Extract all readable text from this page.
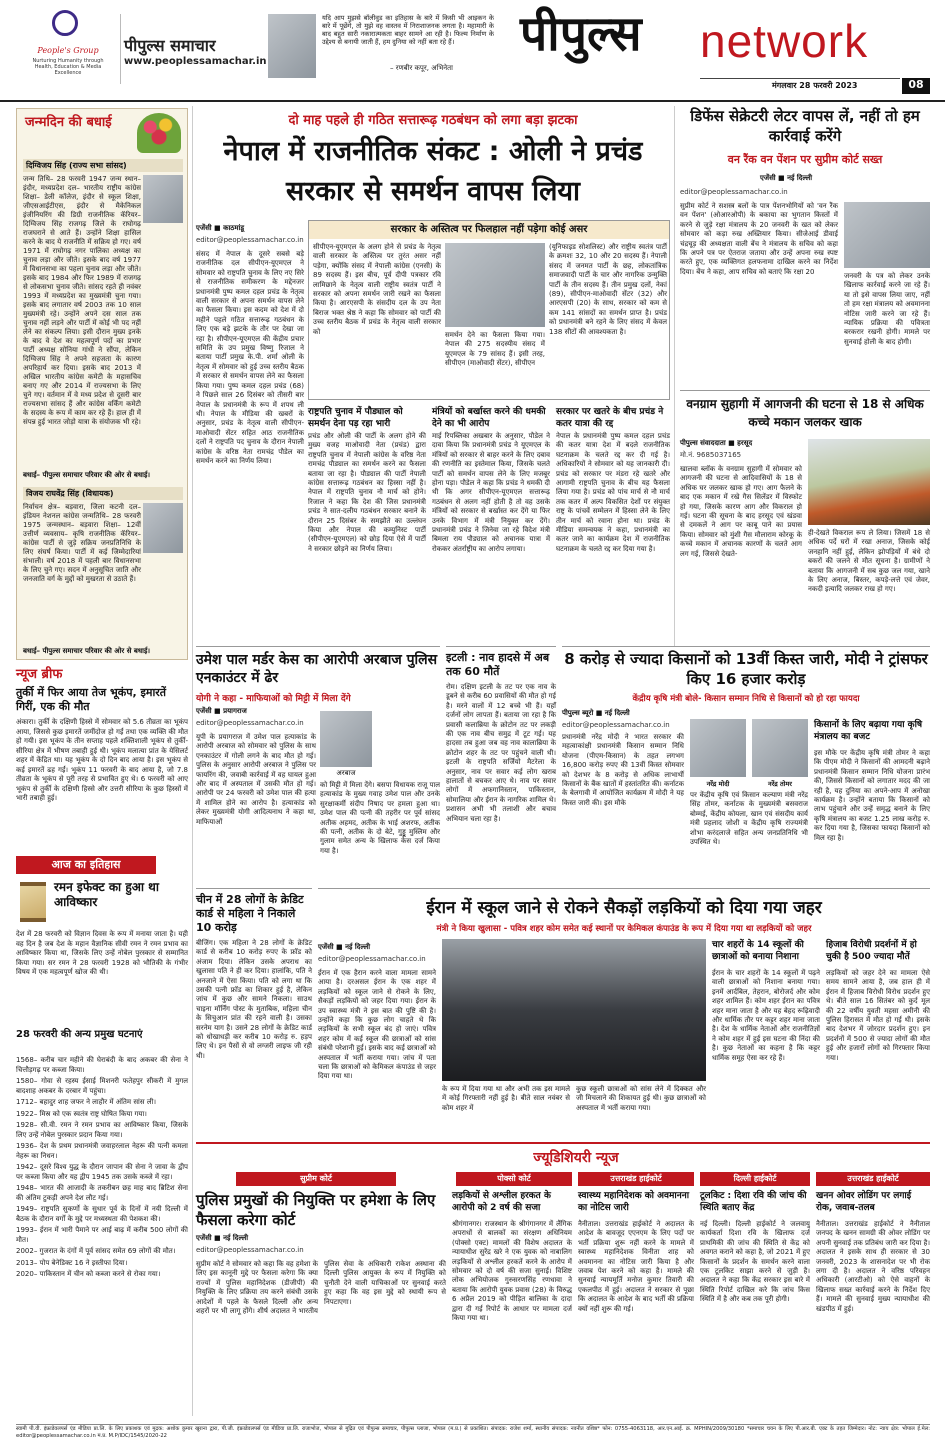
People's Group
Nurturing Humanity through Health, Education & Media Excellence
पीपुल्स समाचार
www.peoplessamachar.in
यदि आप मुझसे बॉलीवुड का इतिहास के बारे में किसी भी आइकन के बारे में पूछेंगे, तो मुझे वह वास्तव में निराशाजनक लगता है। महामारी के बाद बहुत सारी नकारात्मकता बाहर सामने आ रही है। फिल्म निर्माण के उद्देश्य से बनायी जाती हैं, हम दुनिया को नहीं बता रहे हैं।
– रणबीर कपूर, अभिनेता
पीपुल्स network
मंगलवार 28 फरवरी 2023	08
जन्मदिन की बधाई
दिग्विजय सिंह (राज्य सभा सांसद)
जन्म तिथि– 28 फरवरी 1947 जन्म स्थान– इंदौर, मध्यप्रदेश दल– भारतीय राष्ट्रीय कांग्रेस शिक्षा– डेली कॉलेज, इंदौर से स्कूल शिक्षा, जीएसआईटीएस, इंदौर से मैकेनिकल इंजीनियरिंग की डिग्री राजनीतिक कॅरियर– दिग्विजय सिंह राजगढ़ जिले के राघोगढ़ राजघराने से आते हैं। उन्होंने शिक्षा हासिल करने के बाद ये राजनीति में सक्रिय हो गए। वर्ष 1971 में राघोगढ़ नगर पालिका अध्यक्ष का चुनाव लड़ा और जीते। इसके बाद वर्ष 1977 में विधानसभा का पहला चुनाव लड़ा और जीते। इसके बाद 1984 और फिर 1989 में राजगढ़ से लोकसभा चुनाव जीते। सांसद रहते ही नवंबर 1993 में मध्यप्रदेश का मुख्यमंत्री चुना गया। इसके बाद लगातार वर्ष 2003 तक 10 साल मुख्यमंत्री रहे। उन्होंने अपने दस साल तक चुनाव नहीं लड़ने और पार्टी में कोई भी पद नहीं लेने का संकल्प लिया। इसी दौरान मुख्य इनके के बाद वे देश का महत्वपूर्ण पदों का प्रभार पार्टी अध्यक्ष सोनिया गांधी ने सौंपा, लेकिन दिग्विजय सिंह ने अपने सहजता के कारण अपरिहार्य कर दिया। इसके बाद 2013 में अखिल भारतीय कांग्रेस कमेटी के महासचिव बनाए गए और 2014 में राज्यसभा के लिए चुने गए। वर्तमान में वे मध्य प्रदेश से दूसरी बार राज्यसभा सांसद हैं और कांग्रेस वर्किंग कमेटी के सदस्य के रूप में काम कर रहे हैं। हाल ही में संपन्न हुई भारत जोड़ो यात्रा के संयोजक भी रहे।
बधाई– पीपुल्स समाचार परिवार की ओर से बधाई।
विजय राघवेंद्र सिंह (विधायक)
निर्वाचन क्षेत्र– बड़वारा, जिला कटनी दल– इंडियन नेशनल कांग्रेस जन्मतिथि– 28 फरवरी 1975 जन्मस्थान– बड़वारा शिक्षा– 12वीं उत्तीर्ण व्यवसाय– कृषि राजनीतिक कॅरियर– कांग्रेस पार्टी से जुड़े सक्रिय जनप्रतिनिधि के लिए संघर्ष किया। पार्टी में कई जिम्मेदारियां संभाली। वर्ष 2018 में पहली बार विधानसभा के लिए चुने गए। सदन में अनुसूचित जाति और जनजाति वर्ग के मुद्दों को मुखरता से उठाते हैं।
बधाई– पीपुल्स समाचार परिवार की ओर से बधाई।
न्यूज ब्रीफ
तुर्की में फिर आया तेज भूकंप, इमारतें गिरीं, एक की मौत
अंकारा। तुर्की के दक्षिणी हिस्से में सोमवार को 5.6 तीव्रता का भूकंप आया, जिससे कुछ इमारतें जमींदोज हो गईं तथा एक व्यक्ति की मौत हो गयी। इस भूकंप के तीन सप्ताह पहले शक्तिशाली भूकंप से तुर्की-सीरिया क्षेत्र में भीषण तबाही हुई थी। भूकंप मलात्या प्रांत के येसिलर्ट शहर में केंद्रित था। यह भूकंप के दो दिन बाद आया है। इस भूकंप से कई इमारतें ढह गईं। भूकंप 11 फरवरी के बाद आया है, जो 7.8 तीव्रता के भूकंप से पूरी तरह से प्रभावित हुए थे। 6 फरवरी को आए भूकंप से तुर्की के दक्षिणी हिस्से और उत्तरी सीरिया के कुछ हिस्सों में भारी तबाही हुई।
आज का इतिहास
रमन इफेक्ट का हुआ था आविष्कार
देश में 28 फरवरी को विज्ञान दिवस के रूप में मनाया जाता है। यही वह दिन है जब देश के महान वैज्ञानिक सीवी रमन ने रमन प्रभाव का आविष्कार किया था, जिसके लिए उन्हें नोबेल पुरस्कार से सम्मानित किया गया। सर रमन ने 28 फरवरी 1928 को भौतिकी के गंभीर विषय में एक महत्वपूर्ण खोज की थी।
28 फरवरी की अन्य प्रमुख घटनाएं
1568– करीब चार महीने की घेराबंदी के बाद अकबर की सेना ने चित्तौड़गढ़ पर कब्जा किया।
1580– गोवा से रहस्य ईसाई मिशनरी फतेहपुर सीकरी में मुगल बादशाह अकबर के दरबार में पहुंचा।
1712– बहादुर शाह जफर ने लाहौर में अंतिम सांस ली।
1922– मिस्र को एक स्वतंत्र राष्ट्र घोषित किया गया।
1928– सी.वी. रमन ने रमन प्रभाव का आविष्कार किया, जिसके लिए उन्हें नोबेल पुरस्कार प्रदान किया गया।
1936– देश के प्रथम प्रधानमंत्री जवाहरलाल नेहरू की पत्नी कमला नेहरू का निधन।
1942– दूसरे विश्व युद्ध के दौरान जापान की सेना ने जावा के द्वीप पर कब्जा किया और यह द्वीप 1945 तक उसके कब्जे में रहा।
1948– भारत की आजादी के तकरीबन छह माह बाद ब्रिटिश सेना की अंतिम टुकड़ी अपने देश लौट गई।
1949– राष्ट्रपति सुकर्णो के सुधार पूर्व के दिनों में नयी दिल्ली में बैठक के दौरान वर्गों के मुद्दे पर मध्यस्थता की पेशकश की।
1993– ईरान में भारी पैमाने पर आई बाढ़ में करीब 500 लोगों की मौत।
2002– गुजरात के दंगों में पूर्व सांसद समेत 69 लोगों की मौत।
2013– पोप बेनेडिक्ट 16 ने इस्तीफा दिया।
2020– पाकिस्तान में चीन को कब्जा करने से रोका गया।
दो माह पहले ही गठित सत्तारूढ़ गठबंधन को लगा बड़ा झटका
नेपाल में राजनीतिक संकट : ओली ने प्रचंड सरकार से समर्थन वापस लिया
एजेंसी ■ काठमांडू
editor@peoplessamachar.co.in
संसद में नेपाल के दूसरे सबसे बड़े राजनीतिक दल सीपीएन-यूएमएल ने सोमवार को राष्ट्रपति चुनाव के लिए नए सिरे से राजनीतिक समीकरण के मद्देनजर प्रधानमंत्री पुष्प कमल दहल प्रचंड के नेतृत्व वाली सरकार से अपना समर्थन वापस लेने का फैसला किया। इस कदम को देश में दो महीने पहले गठित सत्तारूढ़ गठबंधन के लिए एक बड़े झटके के तौर पर देखा जा रहा है। सीपीएन-यूएमएल की केंद्रीय प्रचार समिति के उप प्रमुख विष्णु रिजाल ने बताया पार्टी प्रमुख के.पी. शर्मा ओली के नेतृत्व में सोमवार को हुई उच्च स्तरीय बैठक में सरकार से समर्थन वापस लेने का फैसला किया गया। पुष्प कमल दहल प्रचंड (68) ने पिछले साल 26 दिसंबर को तीसरी बार नेपाल के प्रधानमंत्री के रूप में शपथ ली थी। नेपाल के मीडिया की खबरों के अनुसार, प्रचंड के नेतृत्व वाली सीपीएन-माओवादी सेंटर सहित आठ राजनीतिक दलों ने राष्ट्रपति पद चुनाव के दौरान नेपाली कांग्रेस के वरिष्ठ नेता रामचंद्र पौडेल का समर्थन करने का निर्णय लिया।
सरकार के अस्तित्व पर फिलहाल नहीं पड़ेगा कोई असर
सीपीएन-यूएमएल के अलग होने से प्रचंड के नेतृत्व वाली सरकार के अस्तित्व पर तुरंत असर नहीं पड़ेगा, क्योंकि संसद में नेपाली कांग्रेस (एनसी) के 89 सदस्य हैं। इस बीच, पूर्व दीपी पत्रकार रवि लामिछाने के नेतृत्व वाली राष्ट्रीय स्वतंत्र पार्टी ने सरकार को अपना समर्थन जारी रखने का फैसला किया है। आरएसपी के संसदीय दल के उप नेता बिराज भक्त श्रेष्ठ ने कहा कि सोमवार को पार्टी की उच्च स्तरीय बैठक में प्रचंड के नेतृत्व वाली सरकार को	समर्थन देने का फैसला किया गया। नेपाल की 275 सदस्यीय संसद में यूएमएल के 79 सांसद हैं। इसी तरह, सीपीएन (माओवादी सेंटर), सीपीएन
(यूनिफाइड सोशलिस्ट) और राष्ट्रीय स्वतंत्र पार्टी के क्रमशः 32, 10 और 20 सदस्य हैं। नेपाली संसद में जनमत पार्टी के छह, लोकतांत्रिक समाजवादी पार्टी के चार और नागरिक उन्मुक्ति पार्टी के तीन सदस्य हैं। तीन प्रमुख दलों, नेकां (89), सीपीएन-माओवादी सेंटर (32) और आरएसपी (20) के साथ, सरकार को कम से कम 141 सांसदों का समर्थन प्राप्त है। प्रचंड को प्रधानमंत्री बने रहने के लिए संसद में केवल 138 सीटों की आवश्यकता है।
राष्ट्रपति चुनाव में पौड्याल को समर्थन देना पड़ रहा भारी
प्रचंड और ओली की पार्टी के अलग होने की मुख्य वजह माओवादी नेता (प्रचंड) द्वारा राष्ट्रपति चुनाव में नेपाली कांग्रेस के वरिष्ठ नेता रामचंद्र पौड्याल का समर्थन करने का फैसला बताया जा रहा है। पौड्याल की पार्टी नेपाली कांग्रेस सत्तारूढ़ गठबंधन का हिस्सा नहीं है। नेपाल में राष्ट्रपति चुनाव नौ मार्च को होने। रिजाल ने कहा कि देश की जिस प्रधानमंत्री प्रचंड ने सात-दलीय गठबंधन सरकार बनाने के दौरान 25 दिसंबर के समझौते का उल्लंघन किया और नेपाल की कम्युनिस्ट पार्टी (सीपीएन-यूएमएल) को छोड़ दिया ऐसे में पार्टी ने सरकार छोड़ने का निर्णय लिया।
मंत्रियों को बर्खास्त करने की धमकी देने का भी आरोप
माई रिपब्लिका अखबार के अनुसार, पौडेल ने दावा किया कि प्रधानमंत्री प्रचंड ने यूएमएल के मंत्रियों को सरकार से बाहर करने के लिए दबाव की रणनीति का इस्तेमाल किया, जिसके चलते पार्टी को समर्थन वापस लेने के लिए मजबूर होना पड़ा। पौडेल ने कहा कि प्रचंड ने धमकी दी थी कि अगर सीपीएन-यूएमएल सत्तारूढ़ गठबंधन से अलग नहीं होती है तो वह उसके मंत्रियों को सरकार से बर्खास्त कर देंगे या फिर उनके विभाग में मंत्री नियुक्त कर देंगे। प्रधानमंत्री प्रचंड ने जिनेवा जा रहे विदेश मंत्री बिमला राय पौड्याल को अचानक यात्रा में रोककर अंतर्राष्ट्रीय का आरोप लगाया।
सरकार पर खतरे के बीच प्रचंड ने कतर यात्रा की रद्द
नेपाल के प्रधानमंत्री पुष्प कमल दहल प्रचंड की कतर यात्रा देश में बदले राजनीतिक घटनाक्रम के चलते रद्द कर दी गई है। अधिकारियों ने सोमवार को यह जानकारी दी। प्रचंड को सरकार पर मंडरा रहे खतरे और आगामी राष्ट्रपति चुनाव के बीच यह फैसला लिया गया है। प्रचंड को पांच मार्च से नौ मार्च तक कतर में अल्प विकसित देशों पर संयुक्त राष्ट्र के पांचवें सम्मेलन में हिस्सा लेने के लिए तीन मार्च को रवाना होना था। प्रचंड के मीडिया समन्वयक ने कहा, प्रधानमंत्री का कतर जाने का कार्यक्रम देश में राजनीतिक घटनाक्रम के चलते रद्द कर दिया गया है।
डिफेंस सेक्रेटरी लेटर वापस लें, नहीं तो हम कार्रवाई करेंगे
वन रैंक वन पेंशन पर सुप्रीम कोर्ट सख्त
एजेंसी ■ नई दिल्ली
editor@peoplessamachar.co.in
सुप्रीम कोर्ट ने सशस्त्र बलों के पात्र पेंशनभोगियों को 'वन रैंक वन पेंशन' (ओआरओपी) के बकाया का भुगतान किस्तों में करने से जुड़े रक्षा मंत्रालय के 20 जनवरी के खत को लेकर सोमवार को कड़ा रुख अख्तियार किया। सीजेआई डीवाई चंद्रचूड़ की अध्यक्षता वाली बेंच ने मंत्रालय के सचिव को कहा कि अपने पत्र पर ऐतराज जताया और उन्हें अपना रुख स्पष्ट करते हुए, एक व्यक्तिगत हलफनामा दाखिल करने का निर्देश दिया। बेंच ने कहा, आप सचिव को बताएं कि रक्षा 20
जनवरी के पत्र को लेकर उनके खिलाफ कार्रवाई करने जा रहे हैं। या तो इसे वापस लिया जाए, नहीं तो हम रक्षा मंत्रालय को अवमानना नोटिस जारी करने जा रहे हैं। न्यायिक प्रक्रिया की पवित्रता बरकरार रखनी होगी। मामले पर सुनवाई होली के बाद होगी।
वनग्राम सुहागी में आगजनी की घटना से 18 से अधिक कच्चे मकान जलकर खाक
पीपुल्स संवाददाता ■ हरसूद
मो.नं. 9685037165
खालवा ब्लॉक के वनग्राम सुहागी में सोमवार को आगजनी की घटना से आदिवासियों के 18 से अधिक घर जलकर खाक हो गए। आग फैलने के बाद एक मकान में रखे गैस सिलेंडर में विस्फोट हो गया, जिसके कारण आग और विकराल हो गई। घटना की सूचना के बाद हरसूद एवं खंडवा से दमकलें ने आग पर काबू पाने का प्रयास किया। सोमवार को मुंशी गैस मौलाराम कोरकू के कच्चे मकान में अचानक कारणों के चलते आग लग गई, जिससे देखते-
ही-देखते विकराल रूप ले लिया। जिसमें 18 से अधिक पर्दे घरों में रखा अनाज, जिसके कोई जनहानि नहीं हुई, लेकिन झोपड़ियों में बंधे दो बकरों की जलने से मौत सूचना है। ग्रामीणों ने बताया कि आगजनी में सब कुछ जल गया, खाने के लिए अनाज, बिस्तर, कपड़े-लत्ते एवं जेवर, नकदी इत्यादि जलकर राख हो गए।
उमेश पाल मर्डर केस का आरोपी अरबाज पुलिस एनकाउंटर में ढेर
योगी ने कहा - माफियाओं को मिट्टी में मिला देंगे
एजेंसी ■ प्रयागराज
editor@peoplessamachar.co.in
यूपी के प्रयागराज में उमेश पाल हत्याकांड के आरोपी अरबाज को सोमवार को पुलिस के साथ एनकाउंटर में गोली लगने के बाद मौत हो गई। पुलिस के अनुसार आरोपी अरबाज ने पुलिस पर फायरिंग की, जवाबी कार्रवाई में वह घायल हुआ और बाद में अस्पताल में उसकी मौत हो गई। आरोपी पर 24 फरवरी को उमेश पाल की हत्या में शामिल होने का आरोप है। हत्याकांड को लेकर मुख्यमंत्री योगी आदित्यनाथ ने कहा था, माफियाओं
अरबाज
को मिट्टी में मिला देंगे। बसपा विधायक राजू पाल हत्याकांड के मुख्य गवाह उमेश पाल और उनके सुरक्षाकर्मी संदीप निषाद पर हमला हुआ था। उमेश पाल की पत्नी की तहरीर पर पूर्व सांसद अतीक अहमद, अतीक के भाई अशरफ, अतीक की पत्नी, अतीक के दो बेटे, गुड्डू मुस्लिम और गुलाम समेत अन्य के खिलाफ केस दर्ज किया गया है।
इटली : नाव हादसे में अब तक 60 मौतें
रोम। दक्षिण इटली के तट पर एक नाव के डूबने से करीब 60 प्रवासियों की मौत हो गई है। मरने वालों में 12 बच्चे भी हैं। यहाँ दर्जनों लोग लापता हैं। बताया जा रहा है कि प्रवासी कलाब्रिया के क्रोटोन तट पर लकड़ी की एक नाव बीच समुद्र में टूट गई। यह हादसा तब हुआ जब वह नाव कालाब्रिया के क्रोटोन शहर के तट पर पहुंचने वाली थी। इटली के राष्ट्रपति सर्जियो मैटरेला के अनुसार, नाव पर सवार कई लोग खराब हालातों से बचकर आए थे। नाव पर सवार लोगों में अफगानिस्तान, पाकिस्तान, सोमालिया और ईरान के नागरिक शामिल थे। प्रशासन अभी भी तलाशी और बचाव अभियान चला रहा है।
8 करोड़ से ज्यादा किसानों को 13वीं किस्त जारी, मोदी ने ट्रांसफर किए 16 हजार करोड़
केंद्रीय कृषि मंत्री बोले- किसान सम्मान निधि से किसानों को हो रहा फायदा
पीपुल्स ब्यूरो ■ नई दिल्ली
editor@peoplessamachar.co.in
प्रधानमंत्री नरेंद्र मोदी ने भारत सरकार की महत्वाकांक्षी प्रधानमंत्री किसान सम्मान निधि योजना (पीएम-किसान) के तहत लगभग 16,800 करोड़ रुपए की 13वीं किस्त सोमवार को देशभर के 8 करोड़ से अधिक लाभार्थी किसानों के बैंक खातों में हस्तांतरित की। कर्नाटक के बेलगावी में आयोजित कार्यक्रम में मोदी ने यह किस्त जारी की। इस मौके
नरेंद्र मोदी	नरेंद्र तोमर
पर केंद्रीय कृषि एवं किसान कल्याण मंत्री नरेंद्र सिंह तोमर, कर्नाटक के मुख्यमंत्री बसवराज बोम्मई, केंद्रीय कोयला, खान एवं संसदीय कार्य मंत्री प्रहलाद जोशी व केंद्रीय कृषि राज्यमंत्री शोभा करंदलाजे सहित अन्य जनप्रतिनिधि भी उपस्थित थे।
किसानों के लिए बढ़ाया गया कृषि मंत्रालय का बजट
इस मौके पर केंद्रीय कृषि मंत्री तोमर ने कहा कि पीएम मोदी ने किसानों की आमदनी बढ़ाने प्रधानमंत्री किसान सम्मान निधि योजना प्रारंभ की, जिससे किसानों को लगातार मदद की जा रही है, यह दुनिया का अपने-आप में अनोखा कार्यक्रम है। उन्होंने बताया कि किसानों को लाभ पहुंचाने और उन्हें समृद्ध बनाने के लिए कृषि मंत्रालय का बजट 1.25 लाख करोड़ रु. कर दिया गया है, जिसका फायदा किसानों को मिल रहा है।
चीन में 28 लोगों के क्रेडिट कार्ड से महिला ने निकाले 10 करोड़
बीजिंग। एक महिला ने 28 लोगों के क्रेडिट कार्ड से करीब 10 करोड़ रुपए के फ्रॉड को अंजाम दिया। लेकिन उसके अपराध का खुलासा पति ने ही कर दिया। हालांकि, पति ने अनजाने में ऐसा किया। पति को लगा था कि उसकी पत्नी फ्रॉड का शिकार हुई है, लेकिन जांच में कुछ और सामने निकला। साउथ चाइना मॉर्निंग पोस्ट के मुताबिक, महिला चीन के सिचुआन प्रांत की रहने वाली है। उसका सरनेम याग है। उसने 28 लोगों के क्रेडिट कार्ड को धोखाधड़ी कर करीब 10 करोड़ रु. हड़प लिए थे। इन पैसों से वो लग्जरी लाइफ जी रही थी।
ईरान में स्कूल जाने से रोकने सैकड़ों लड़कियों को दिया गया जहर
मंत्री ने किया खुलासा - पवित्र शहर कोम समेत कई स्थानों पर केमिकल कंपाउंड के रूप में दिया गया था लड़कियों को जहर
एजेंसी ■ नई दिल्ली
editor@peoplessamachar.co.in
ईरान में एक हैरान करने वाला मामला सामने आया है। दरअसल ईरान के एक शहर में लड़कियों को स्कूल जाने से रोकने के लिए, सैकड़ों लड़कियों को जहर दिया गया। ईरान के उप स्वास्थ्य मंत्री ने इस बात की पुष्टि की है। उन्होंने कहा कि कुछ लोग चाहते थे कि लड़कियों के सभी स्कूल बंद हो जाएं। पवित्र शहर कोम में कई स्कूल की छात्राओं को सांस संबंधी परेशानी हुई। इसके बाद कई छात्राओं को अस्पताल में भर्ती कराया गया। जांच में पता चला कि छात्राओं को केमिकल कंपाउंड से जहर दिया गया था।
के रूप में दिया गया था और अभी तक इस मामले में कोई गिरफ्तारी नहीं हुई है। बीते साल नवंबर से कोम शहर में
कुछ स्कूली छात्राओं को सांस लेने में दिक्कत और जी मिचलाने की शिकायत हुई थी। कुछ छात्राओं को अस्पताल में भर्ती कराया गया।
चार शहरों के 14 स्कूलों की छात्राओं को बनाया निशाना
ईरान के चार शहरों के 14 स्कूलों में पढ़ने वाली छात्राओं को निशाना बनाया गया। इनमें आर्दबिल, तेहरान, बोरोजर्द और कोम शहर शामिल हैं। कोम शहर ईरान का पवित्र शहर माना जाता है और यह बेहद रूढ़िवादी और धार्मिक तौर पर कट्टर शहर माना जाता है। देश के धार्मिक नेताओं और राजनीतिज्ञों ने कोम शहर में हुई इस घटना की निंदा की है। कुछ नेताओं का कहना है कि कट्टर धार्मिक समूह ऐसा कर रहे हैं।
हिजाब विरोधी प्रदर्शनों में हो चुकी है 500 ज्यादा मौतें
लड़कियों को जहर देने का मामला ऐसे समय सामने आया है, जब हाल ही में ईरान में हिजाब विरोधी विरोध प्रदर्शन हुए थे। बीते साल 16 सितंबर को कुर्द मूल की 22 वर्षीय युवती महसा अमीनी की पुलिस हिरासत में मौत हो गई थी। इसके बाद देशभर में जोरदार प्रदर्शन हुए। इन प्रदर्शनों में 500 से ज्यादा लोगों की मौत हुई और हजारों लोगों को गिरफ्तार किया गया।
ज्यूडिशियरी न्यूज
सुप्रीम कोर्ट
पुलिस प्रमुखों की नियुक्ति पर हमेशा के लिए फैसला करेगा कोर्ट
एजेंसी ■ नई दिल्ली
editor@peoplessamachar.co.in
सुप्रीम कोर्ट ने सोमवार को कहा कि वह हमेशा के लिए इस कानूनी मुद्दे पर फैसला करेगा कि क्या राज्यों में पुलिस महानिदेशक (डीजीपी) की नियुक्ति के लिए प्रक्रिया तय करने संबंधी उसके आदेशों में पहले के फैसले दिल्ली और अन्य शहरों पर भी लागू होंगे। शीर्ष अदालत ने भारतीय पुलिस सेवा के अधिकारी राकेश अस्थाना की दिल्ली पुलिस आयुक्त के रूप में नियुक्ति को चुनौती देने वाली याचिकाओं पर सुनवाई करते हुए कहा कि वह इस मुद्दे को स्थायी रूप से निपटाएगा।
पोक्सो कोर्ट
लड़कियों से अश्लील हरकत के आरोपी को 2 वर्ष की सजा
श्रीगंगानगर। राजस्थान के श्रीगंगानगर में लैंगिक अपराधों से बालकों का संरक्षण अधिनियम (पोक्सो एक्ट) मामलों की विशेष अदालत के न्यायाधीश सुरेंद्र खरे ने एक युवक को नाबालिग लड़कियों से अश्लील हरकतें करने के आरोप में सोमवार को दो वर्ष की सजा सुनाई। विशिष्ट लोक अभियोजक गुरुसरणसिंह रणधावा ने बताया कि आरोपी युवक प्रवास (28) के विरुद्ध 6 अप्रैल 2019 को पीड़ित बालिका के दादा द्वारा दी गई रिपोर्ट के आधार पर मामला दर्ज किया गया था।
उत्तराखंड हाईकोर्ट
स्वास्थ्य महानिदेशक को अवमानना का नोटिस जारी
नैनीताल। उत्तराखंड हाईकोर्ट ने अदालत के आदेश के बावजूद एएनएम के लिए पदों पर भर्ती प्रक्रिया शुरू नहीं करने के मामले में स्वास्थ्य महानिदेशक विनीता शाह को अवमानना का नोटिस जारी किया है और जवाब पेश करने को कहा है। मामले की सुनवाई न्यायमूर्ति मनोज कुमार तिवारी की एकलपीठ में हुई। अदालत ने सरकार से पूछा कि अदालत के आदेश के बाद भर्ती की प्रक्रिया क्यों नहीं शुरू की गई।
दिल्ली हाईकोर्ट
टूलकिट : दिशा रवि की जांच की स्थिति बताए केंद्र
नई दिल्ली। दिल्ली हाईकोर्ट ने जलवायु कार्यकर्ता दिशा रवि के खिलाफ दर्ज प्राथमिकी की जांच की स्थिति से केंद्र को अवगत कराने को कहा है, जो 2021 में हुए किसानों के प्रदर्शन के समर्थन करने वाला एक टूलकिट साझा करने से जुड़ी है। अदालत ने कहा कि केंद्र सरकार इस बारे में स्थिति रिपोर्ट दाखिल करे कि जांच किस स्थिति में है और कब तक पूरी होगी।
उत्तराखंड हाईकोर्ट
खनन ओवर लोडिंग पर लगाई रोक, जवाब-तलब
नैनीताल। उत्तराखंड हाईकोर्ट ने नैनीताल जनपद के खनन सामग्री की ओवर लोडिंग पर अपनी सुनवाई तक प्रतिबंध जारी कर दिया है। अदालत ने इसके साथ ही सरकार से 30 जनवरी, 2023 के शासनादेश पर भी रोक लगा दी है। अदालत ने वरिष्ठ परिवहन अधिकारी (आरटीओ) को ऐसे वाहनों के खिलाफ सख्त कार्रवाई करने के निर्देश दिए हैं। मामले की सुनवाई मुख्य न्यायाधीश की खंडपीठ में हुई।
स्वामी पी.वी. इंफ्राडेवलपर्स एंड मीडिया प्रा.लि. के लिए प्रकाशक एवं मुद्रक: अशोक कुमार खुराना द्वारा, पी.जी. इंफ्राडेवलपर्स एंड मीडिया प्रा.लि. राजाभोज, भोपाल से मुद्रित एवं पीपुल्स समाचार, पीपुल्स प्लाजा, भोपाल (म.प्र.) से प्रकाशित। संपादक: राजेश शर्मा, स्थानीय संपादक: नवनीत वशिष्ठ* फोन: 0755-4063118, आर.एन.आई. क्र. MPHIN/2009/30180 *समाचार चयन के लिए पी.आर.बी. एक्ट के तहत जिम्मेदार। नोट: न्याय क्षेत्र: भोपाल ई.मेल: editor@peoplessamachar.co.in म.प्र. M.P/IDC/1545/2020-22
